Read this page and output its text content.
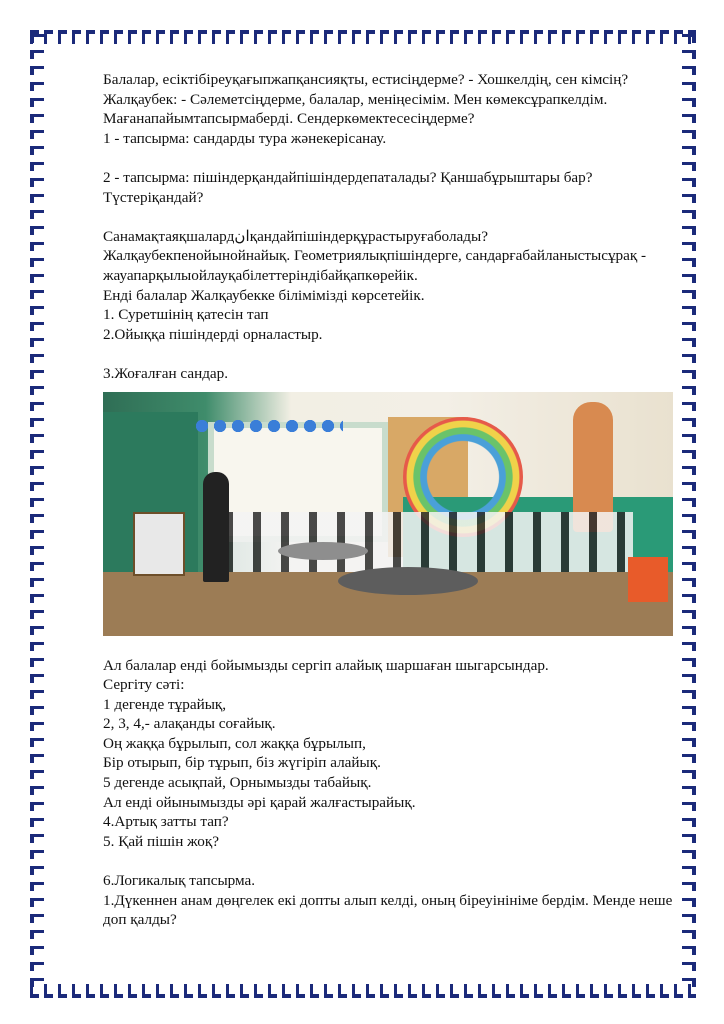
Балалар, есіктібіреуқағыпжапқансияқты, естисіңдерме? - Хошкелдің, сен кімсің?

Жалқаубек: - Сәлеметсіңдерме, балалар, меніңесімім. Мен көмексұрапкелдім. Мағанапайымтапсырмаберді. Сендеркөмектесесіңдерме?

1 - тапсырма: сандарды тура жәнекерісанау.

2 - тапсырма: пішіндерқандайпішіндердепаталады? Қаншабұрыштары бар? Түстеріқандай?

Санамақтаяқшалардانқандайпішіндерқұрастыруғаболады?

Жалқаубекпенойынойнайық. Геометриялықпішіндерге, сандарғабайланыстысұрақ - жауапарқылыойлауқабілеттеріндібайқапкөрейік.

Енді балалар Жалқаубекке білімімізді көрсетейік.

1. Суретшінің қатесін тап

2.Ойыққа пішіндерді орналастыр.

3.Жоғалған сандар.

Ал балалар енді бойымызды сергіп алайық шаршаған шыгарсындар.

Сергіту сәті:

1 дегенде тұрайық,

2, 3, 4,- алақанды соғайық.

Оң жаққа бұрылып, сол жаққа бұрылып,

Бір отырып, бір тұрып, біз жүгіріп алайық.

5 дегенде асықпай, Орнымызды табайық.

Ал енді ойынымызды әрі қарай жалғастырайық.

4.Артық затты тап?

5. Қай пішін жоқ?

6.Логикалық тапсырма.

1.Дүкеннен анам дөңгелек екі допты алып келді, оның біреуінініме бердім. Менде неше доп қалды?
